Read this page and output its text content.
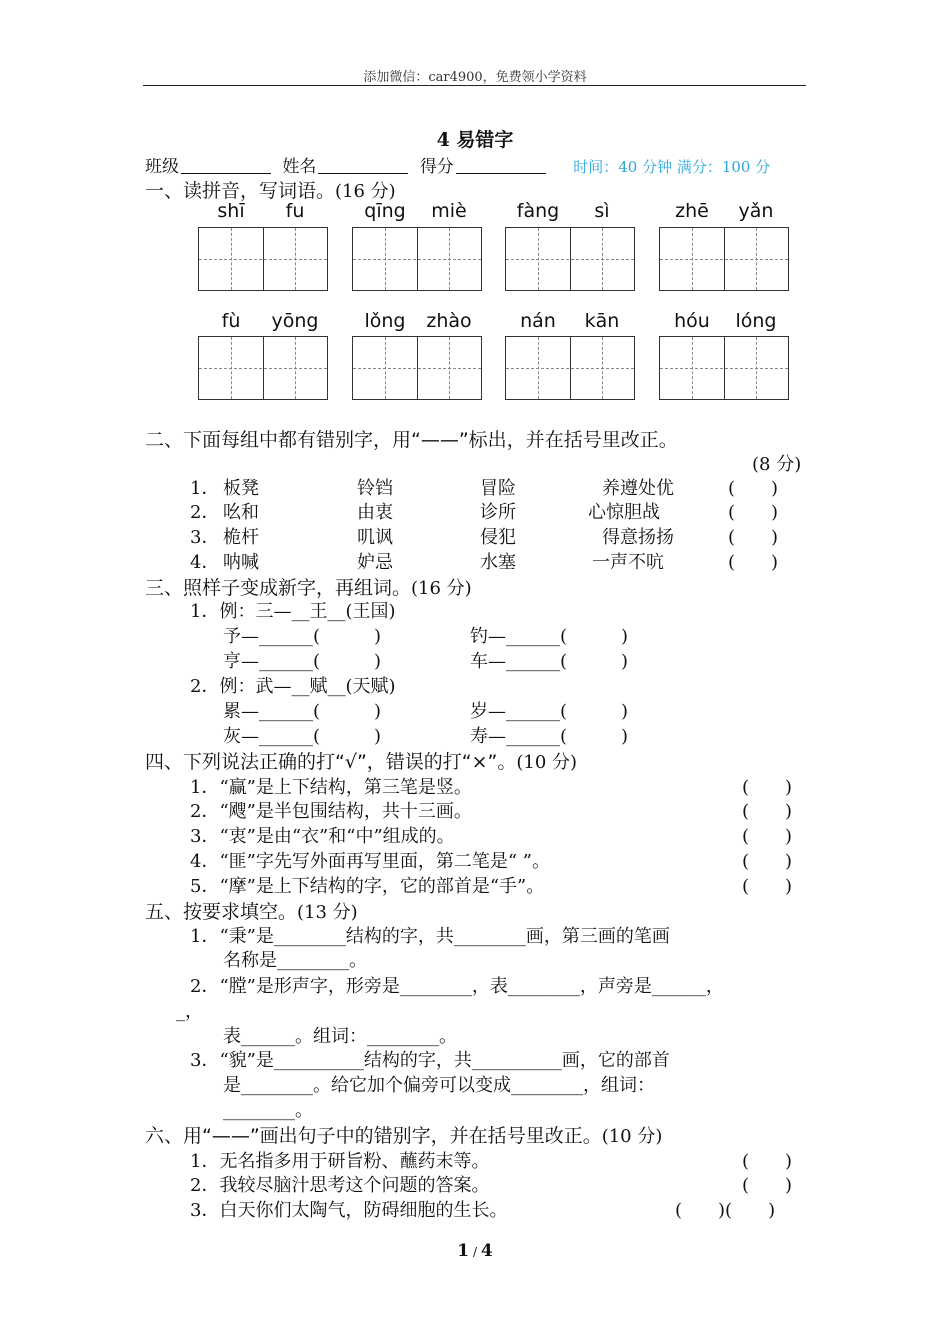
添加微信：car4900，免费领小学资料
4 易错字
班级	姓名	得分	时间：40 分钟 满分：100 分
一、读拼音，写词语。(16 分)
shī	fu	qīng	miè	fàng	sì	zhē	yǎn
fù	yōng	lǒng	zhào	nán	kān	hóu	lóng
二、下面每组中都有错别字，用“——”标出，并在括号里改正。
(8 分)
1． 板凳	铃铛	冒险	养遵处优	(　　)
2． 吆和	由衷	诊所	心惊胆战	(　　)
3． 桅杆	叽讽	侵犯	得意扬扬	(　　)
4． 呐喊	妒忌	水塞	一声不吭	(　　)
三、照样子变成新字，再组词。(16 分)
1．例：三—__王__(王国)
予—______(　　　)	钓—______(　　　)
亨—______(　　　)	车—______(　　　)
2．例：武—__赋__(天赋)
累—______(　　　)	岁—______(　　　)
灰—______(　　　)	寿—______(　　　)
四、下列说法正确的打“√”，错误的打“×”。(10 分)
1．“赢”是上下结构，第三笔是竖。	(　　)
2．“飕”是半包围结构，共十三画。	(　　)
3．“衷”是由“衣”和“中”组成的。	(　　)
4．“匪”字先写外面再写里面，第二笔是“ ”。	(　　)
5．“摩”是上下结构的字，它的部首是“手”。	(　　)
五、按要求填空。(13 分)
1．“秉”是________结构的字，共________画，第三画的笔画
名称是________。
2．“膛”是形声字，形旁是________，表________，声旁是______，
_，
表______。组词：________。
3．“貌”是__________结构的字，共__________画，它的部首
是________。给它加个偏旁可以变成________，组词：
________。
六、用“——”画出句子中的错别字，并在括号里改正。(10 分)
1．无名指多用于研旨粉、蘸药末等。	(　　)
2．我较尽脑汁思考这个问题的答案。	(　　)
3．白天你们太陶气，防碍细胞的生长。	(　　)(　　)
1 / 4
